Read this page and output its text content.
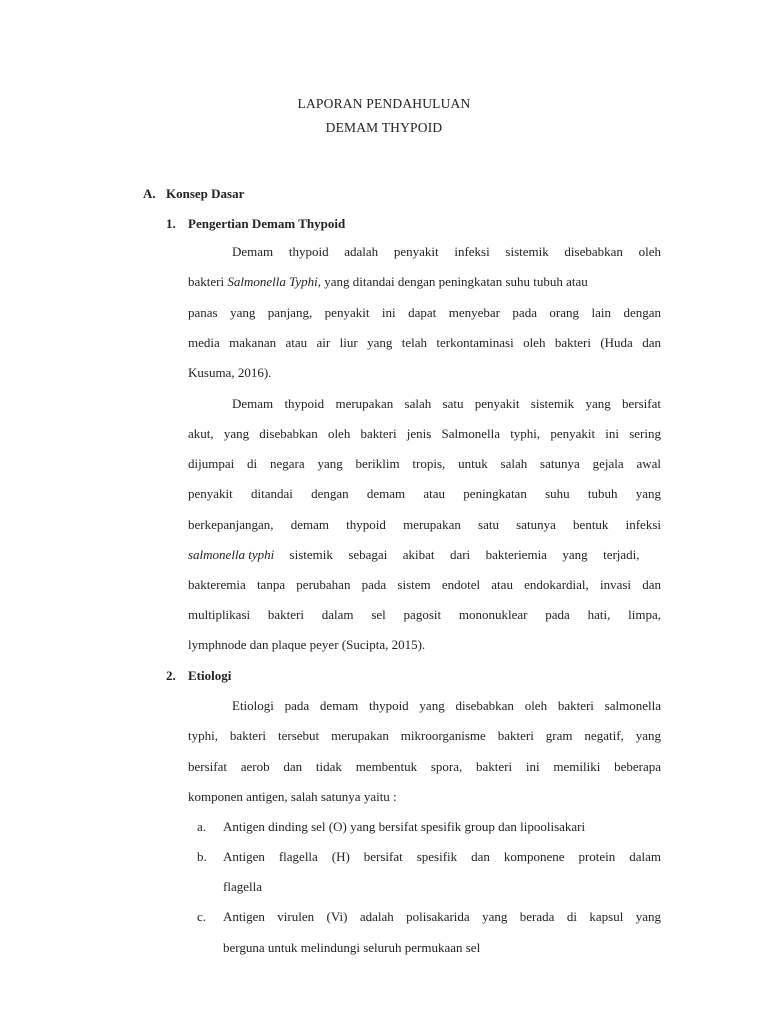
LAPORAN PENDAHULUAN
DEMAM THYPOID
A. Konsep Dasar
1. Pengertian Demam Thypoid
Demam thypoid adalah penyakit infeksi sistemik disebabkan oleh
bakteri Salmonella Typhi, yang ditandai dengan peningkatan suhu tubuh atau
panas yang panjang, penyakit ini dapat menyebar pada orang lain dengan
media makanan atau air liur yang telah terkontaminasi oleh bakteri (Huda dan
Kusuma, 2016).
Demam thypoid merupakan salah satu penyakit sistemik yang bersifat
akut, yang disebabkan oleh bakteri jenis Salmonella typhi, penyakit ini sering
dijumpai di negara yang beriklim tropis, untuk salah satunya gejala awal
penyakit ditandai dengan demam atau peningkatan suhu tubuh yang
berkepanjangan, demam thypoid merupakan satu satunya bentuk infeksi
salmonella typhi sistemik sebagai akibat dari bakteriemia yang terjadi,
bakteremia tanpa perubahan pada sistem endotel atau endokardial, invasi dan
multiplikasi bakteri dalam sel pagosit mononuklear pada hati, limpa,
lymphnode dan plaque peyer (Sucipta, 2015).
2. Etiologi
Etiologi pada demam thypoid yang disebabkan oleh bakteri salmonella
typhi, bakteri tersebut merupakan mikroorganisme bakteri gram negatif, yang
bersifat aerob dan tidak membentuk spora, bakteri ini memiliki beberapa
komponen antigen, salah satunya yaitu :
a. Antigen dinding sel (O) yang bersifat spesifik group dan lipoolisakari
b. Antigen flagella (H) bersifat spesifik dan komponene protein dalam
flagella
c. Antigen virulen (Vi) adalah polisakarida yang berada di kapsul yang
berguna untuk melindungi seluruh permukaan sel
